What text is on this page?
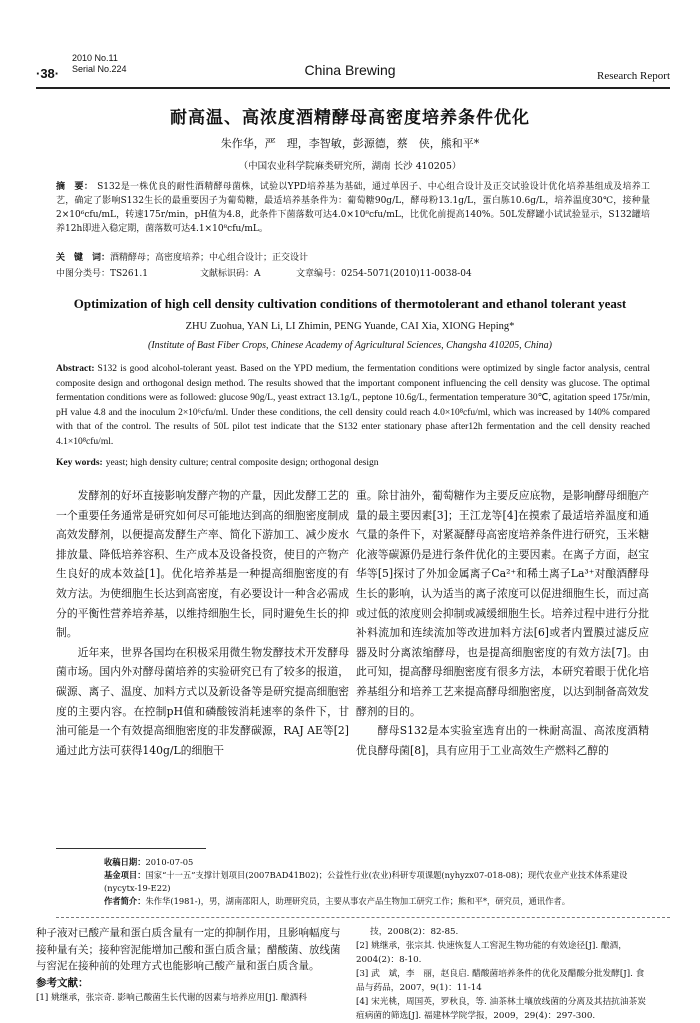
2010 No.11
Serial No.224
·38·	China Brewing	Research Report
耐高温、高浓度酒精酵母高密度培养条件优化
朱作华，严　理，李智敏，彭源德，蔡　侠，熊和平*
（中国农业科学院麻类研究所，湖南 长沙 410205）
摘　要： S132是一株优良的耐性酒精酵母菌株，试验以YPD培养基为基础，通过单因子、中心组合设计及正交试验设计优化培养基组成及培养工艺，确定了影响S132生长的最重要因子为葡萄糖，最适培养基条件为：葡萄糖90g/L，酵母粉13.1g/L，蛋白胨10.6g/L，培养温度30℃，接种量2×10⁶cfu/mL，转速175r/min，pH值为4.8，此条件下菌落数可达4.0×10⁸cfu/mL，比优化前提高140%。50L发酵罐小试试验显示，S132罐培养12h即进入稳定期，菌落数可达4.1×10⁸cfu/mL。
关　键　词：酒精酵母；高密度培养；中心组合设计；正交设计
中图分类号：TS261.1	文献标识码：A	文章编号：0254-5071(2010)11-0038-04
Optimization of high cell density cultivation conditions of thermotolerant and ethanol tolerant yeast
ZHU Zuohua, YAN Li, LI Zhimin, PENG Yuande, CAI Xia, XIONG Heping*
(Institute of Bast Fiber Crops, Chinese Academy of Agricultural Sciences, Changsha 410205, China)
Abstract: S132 is good alcohol-tolerant yeast. Based on the YPD medium, the fermentation conditions were optimized by single factor analysis, central composite design and orthogonal design method. The results showed that the important component influencing the cell density was glucose. The optimal fermentation conditions were as followed: glucose 90g/L, yeast extract 13.1g/L, peptone 10.6g/L, fermentation temperature 30℃, agitation speed 175r/min, pH value 4.8 and the inoculum 2×10⁶cfu/ml. Under these conditions, the cell density could reach 4.0×10⁸cfu/ml, which was increased by 140% compared with that of the control. The results of 50L pilot test indicate that the S132 enter stationary phase after12h fermentation and the cell density reached 4.1×10⁸cfu/ml.
Key words: yeast; high density culture; central composite design; orthogonal design

发酵剂的好坏直接影响发酵产物的产量，因此发酵工艺的一个重要任务通常是研究如何尽可能地达到高的细胞密度制成高效发酵剂，以便提高发酵生产率、简化下游加工、减少废水排放量、降低培养容积、生产成本及设备投资，使目的产物产生良好的成本效益[1]。优化培养基是一种提高细胞密度的有效方法。为使细胞生长达到高密度，有必要设计一种含必需成分的平衡性营养培养基，以维持细胞生长，同时避免生长的抑制。

近年来，世界各国均在积极采用微生物发酵技术开发酵母菌市场。国内外对酵母菌培养的实验研究已有了较多的报道，碳源、离子、温度、加料方式以及新设备等是研究提高细胞密度的主要内容。在控制pH值和磷酸铵消耗速率的条件下，甘油可能是一个有效提高细胞密度的非发酵碳源，RAJ AE等[2]通过此方法可获得140g/L的细胞干

重。除甘油外，葡萄糖作为主要反应底物，是影响酵母细胞产量的最主要因素[3]；王江龙等[4]在摸索了最适培养温度和通气量的条件下，对紧凝酵母高密度培养条件进行研究，玉米糖化液等碳源仍是进行条件优化的主要因素。在离子方面，赵宝华等[5]探讨了外加金属离子Ca²⁺和稀土离子La³⁺对酿酒酵母生长的影响，认为适当的离子浓度可以促进细胞生长，而过高或过低的浓度则会抑制或减缓细胞生长。培养过程中进行分批补料流加和连续流加等改进加料方法[6]或者内置膜过滤反应器及时分离浓缩酵母，也是提高细胞密度的有效方法[7]。由此可知，提高酵母细胞密度有很多方法，本研究着眼于优化培养基组分和培养工艺来提高酵母细胞密度，以达到制备高效发酵剂的目的。

酵母S132是本实验室选育出的一株耐高温、高浓度酒精优良酵母菌[8]，具有应用于工业高效生产燃料乙醇的

收稿日期：2010-07-05
基金项目：国家“十一五”支撑计划项目(2007BAD41B02)；公益性行业(农业)科研专项课题(nyhyzx07-018-08)；现代农业产业技术体系建设(nycytx-19-E22)
作者简介：朱作华(1981-)，男，湖南邵阳人，助理研究员，主要从事农产品生物加工研究工作；熊和平*，研究员，通讯作者。
种子液对已酸产量和蛋白质含量有一定的抑制作用，且影响幅度与接种量有关；接种窖泥能增加己酸和蛋白质含量；醋酸菌、放线菌与窖泥在接种前的处理方式也能影响己酸产量和蛋白质含量。
参考文献：
[1] 姚继承，张宗奇. 影响己酸菌生长代谢的因素与培养应用[J]. 酿酒科
技，2008(2)：82-85.
[2] 姚继承，张宗其. 快速恢复人工窖泥生物功能的有效途径[J]. 酿酒，2004(2)：8-10.
[3] 武　斌，李　丽，赵良启. 醋酸菌培养条件的优化及醋酸分批发酵[J]. 食品与药品，2007，9(1)：11-14
[4] 宋光桃，周国英，罗秋良，等. 油茶林土壤放线菌的分离及其拮抗油茶炭疽病菌的筛选[J]. 福建林学院学报，2009，29(4)：297-300.
